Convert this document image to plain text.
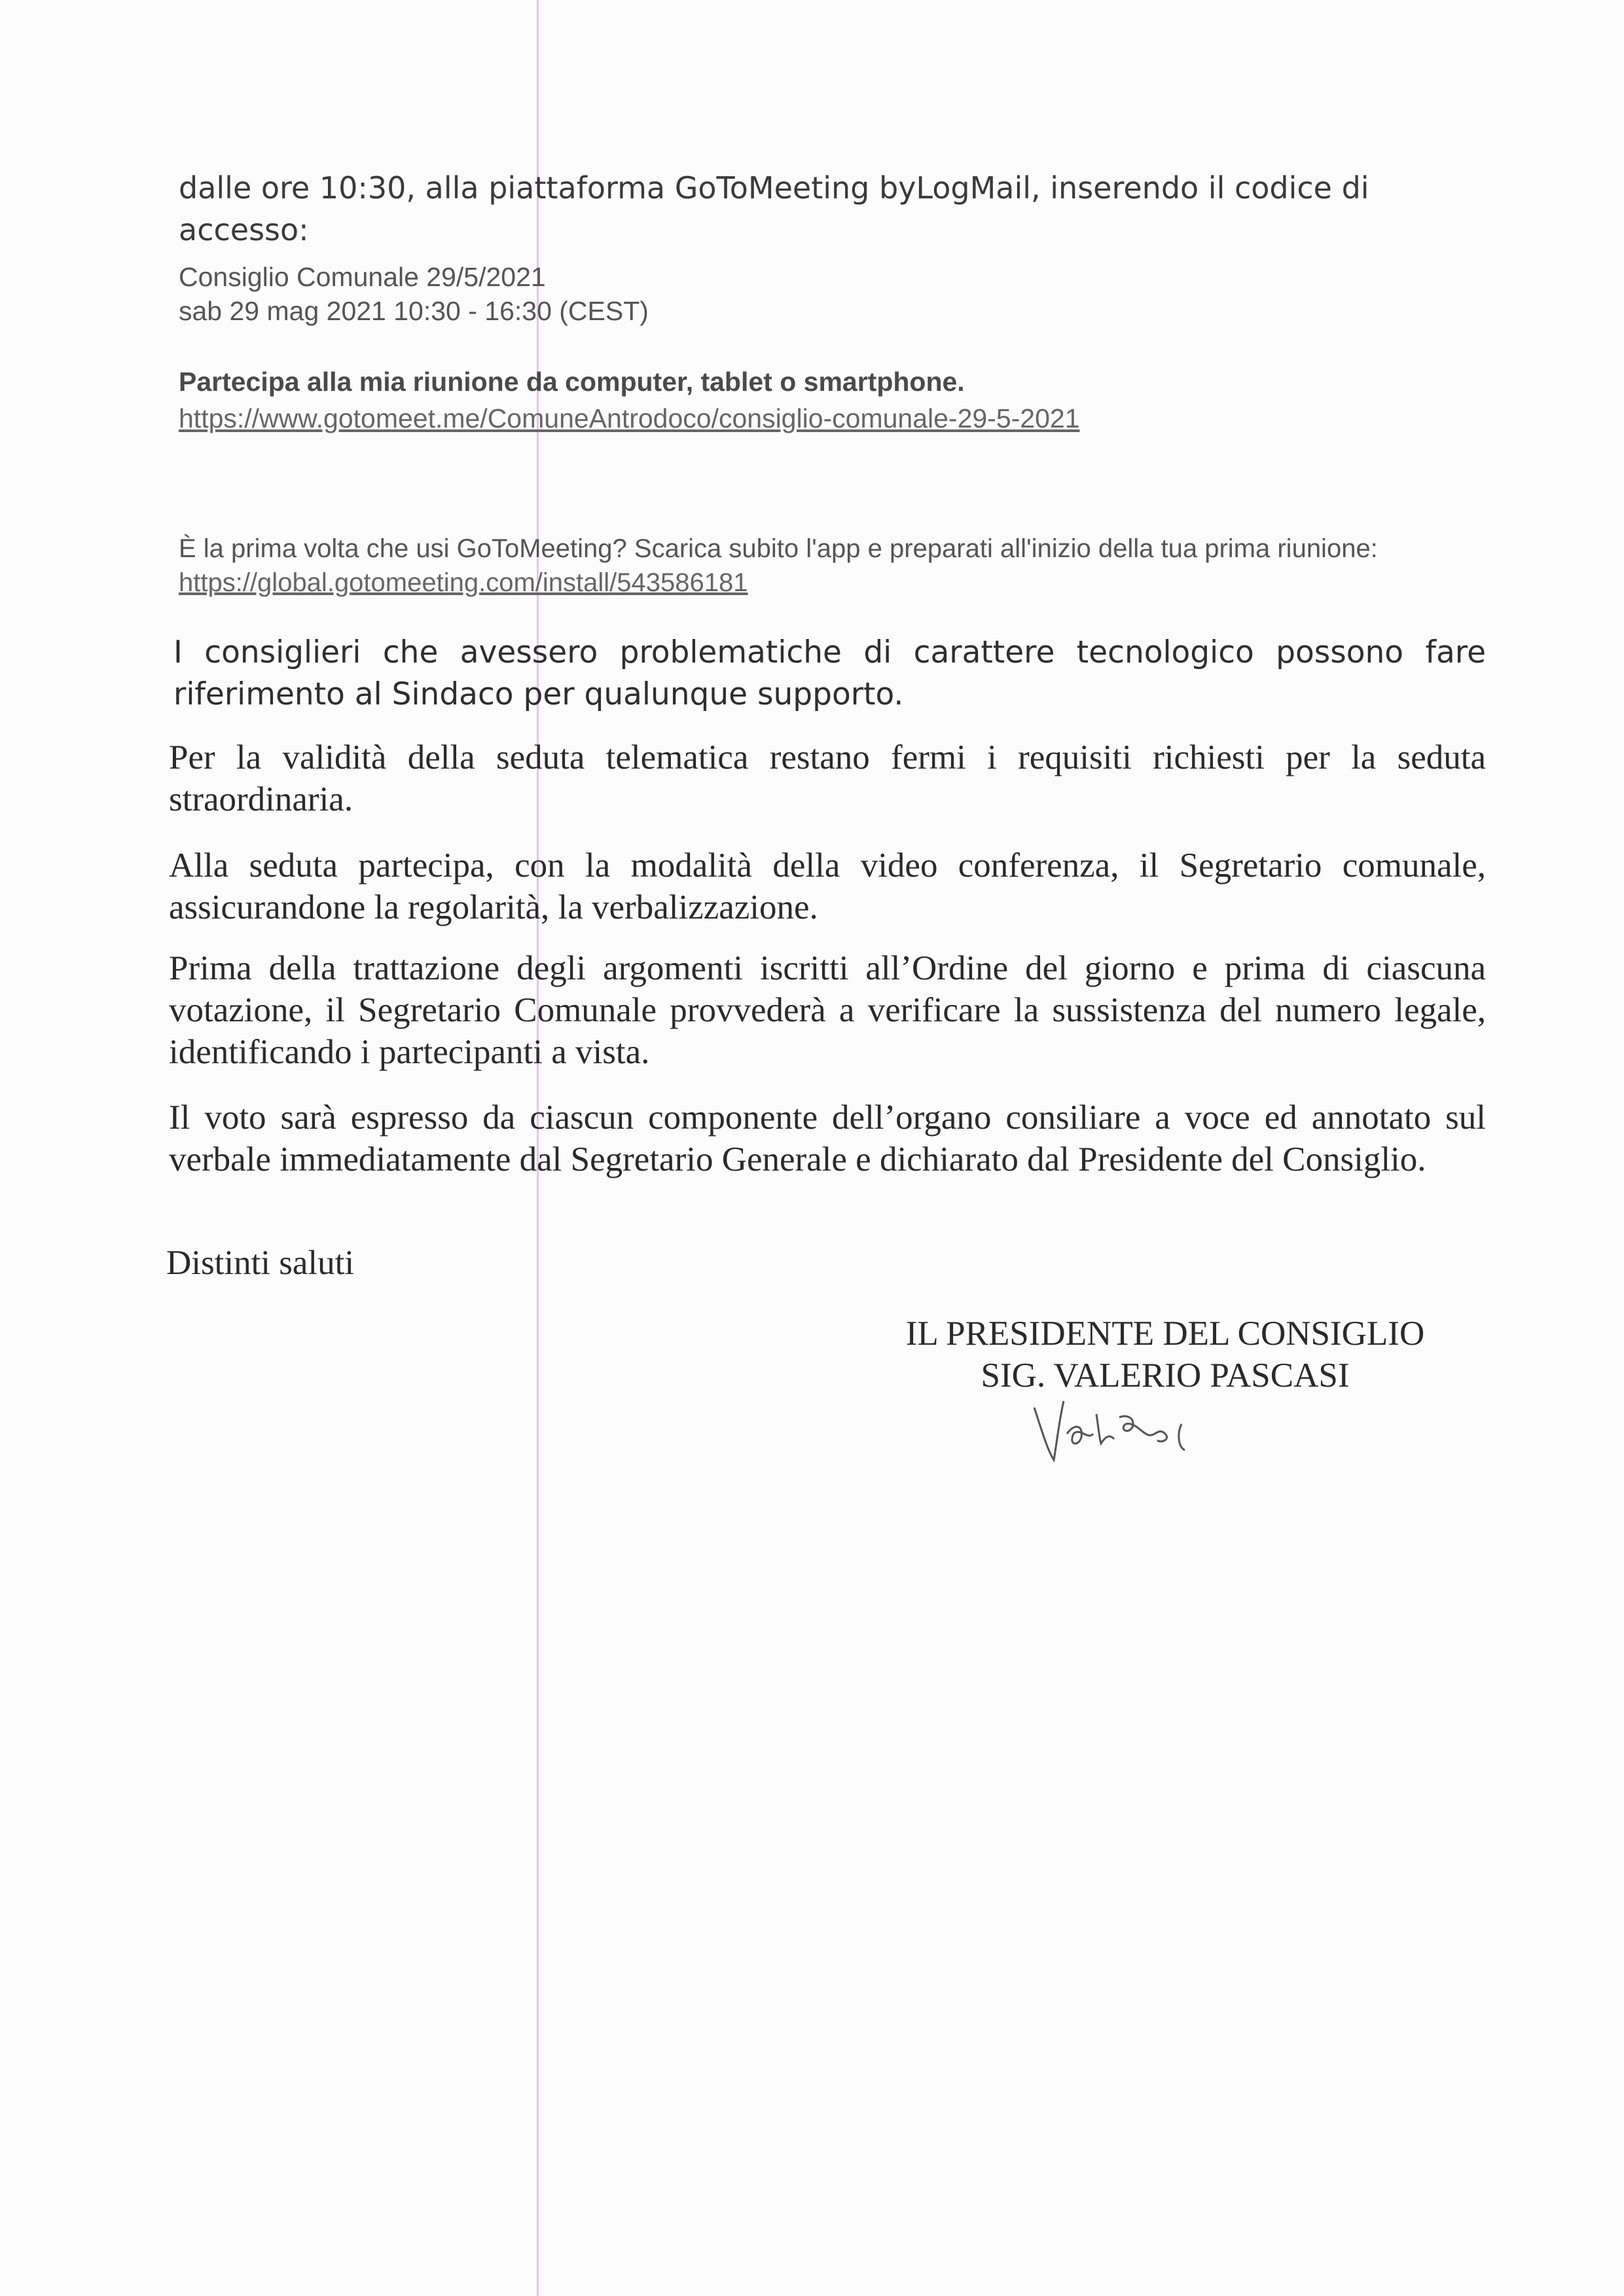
dalle ore 10:30, alla piattaforma GoToMeeting byLogMail, inserendo il codice di
accesso:

Consiglio Comunale 29/5/2021

sab 29 mag 2021 10:30 - 16:30 (CEST)

Partecipa alla mia riunione da computer, tablet o smartphone.

https://www.gotomeet.me/ComuneAntrodoco/consiglio-comunale-29-5-2021

È la prima volta che usi GoToMeeting? Scarica subito l'app e preparati all'inizio della tua prima riunione: https://global.gotomeeting.com/install/543586181

I consiglieri che avessero problematiche di carattere tecnologico possono fare riferimento al Sindaco per qualunque supporto.

Per la validità della seduta telematica restano fermi i requisiti richiesti per la seduta straordinaria.

Alla seduta partecipa, con la modalità della video conferenza, il Segretario comunale, assicurandone la regolarità, la verbalizzazione.

Prima della trattazione degli argomenti iscritti all’Ordine del giorno e prima di ciascuna votazione, il Segretario Comunale provvederà a verificare la sussistenza del numero legale, identificando i partecipanti a vista.

Il voto sarà espresso da ciascun componente dell’organo consiliare a voce ed annotato sul verbale immediatamente dal Segretario Generale e dichiarato dal Presidente del Consiglio.

Distinti saluti

IL PRESIDENTE DEL CONSIGLIO
SIG. VALERIO PASCASI
